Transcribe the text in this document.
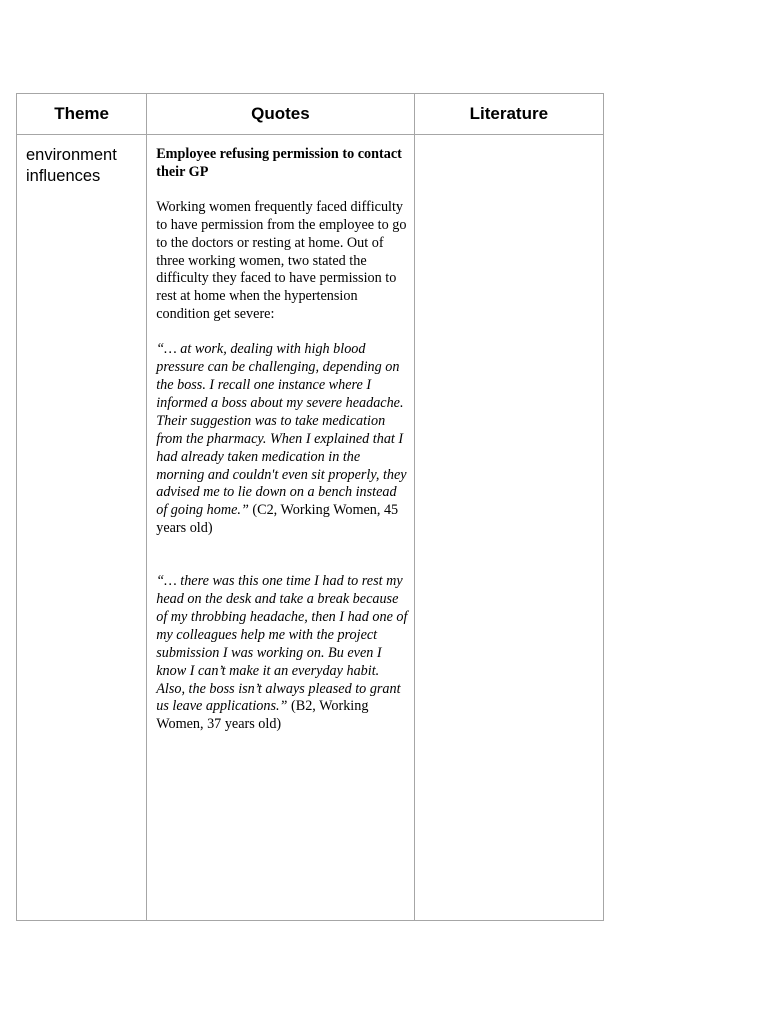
Theme	Quotes	Literature

environment influences	Employee refusing permission to contact their GP

Working women frequently faced difficulty to have permission from the employee to go to the doctors or resting at home. Out of three working women, two stated the difficulty they faced to have permission to rest at home when the hypertension condition get severe:

“… at work, dealing with high blood pressure can be challenging, depending on the boss. I recall one instance where I informed a boss about my severe headache. Their suggestion was to take medication from the pharmacy. When I explained that I had already taken medication in the morning and couldn't even sit properly, they advised me to lie down on a bench instead of going home.” (C2, Working Women, 45 years old)

“… there was this one time I had to rest my head on the desk and take a break because of my throbbing headache, then I had one of my colleagues help me with the project submission I was working on. Bu even I know I can’t make it an everyday habit. Also, the boss isn’t always pleased to grant us leave applications.” (B2, Working Women, 37 years old)	
